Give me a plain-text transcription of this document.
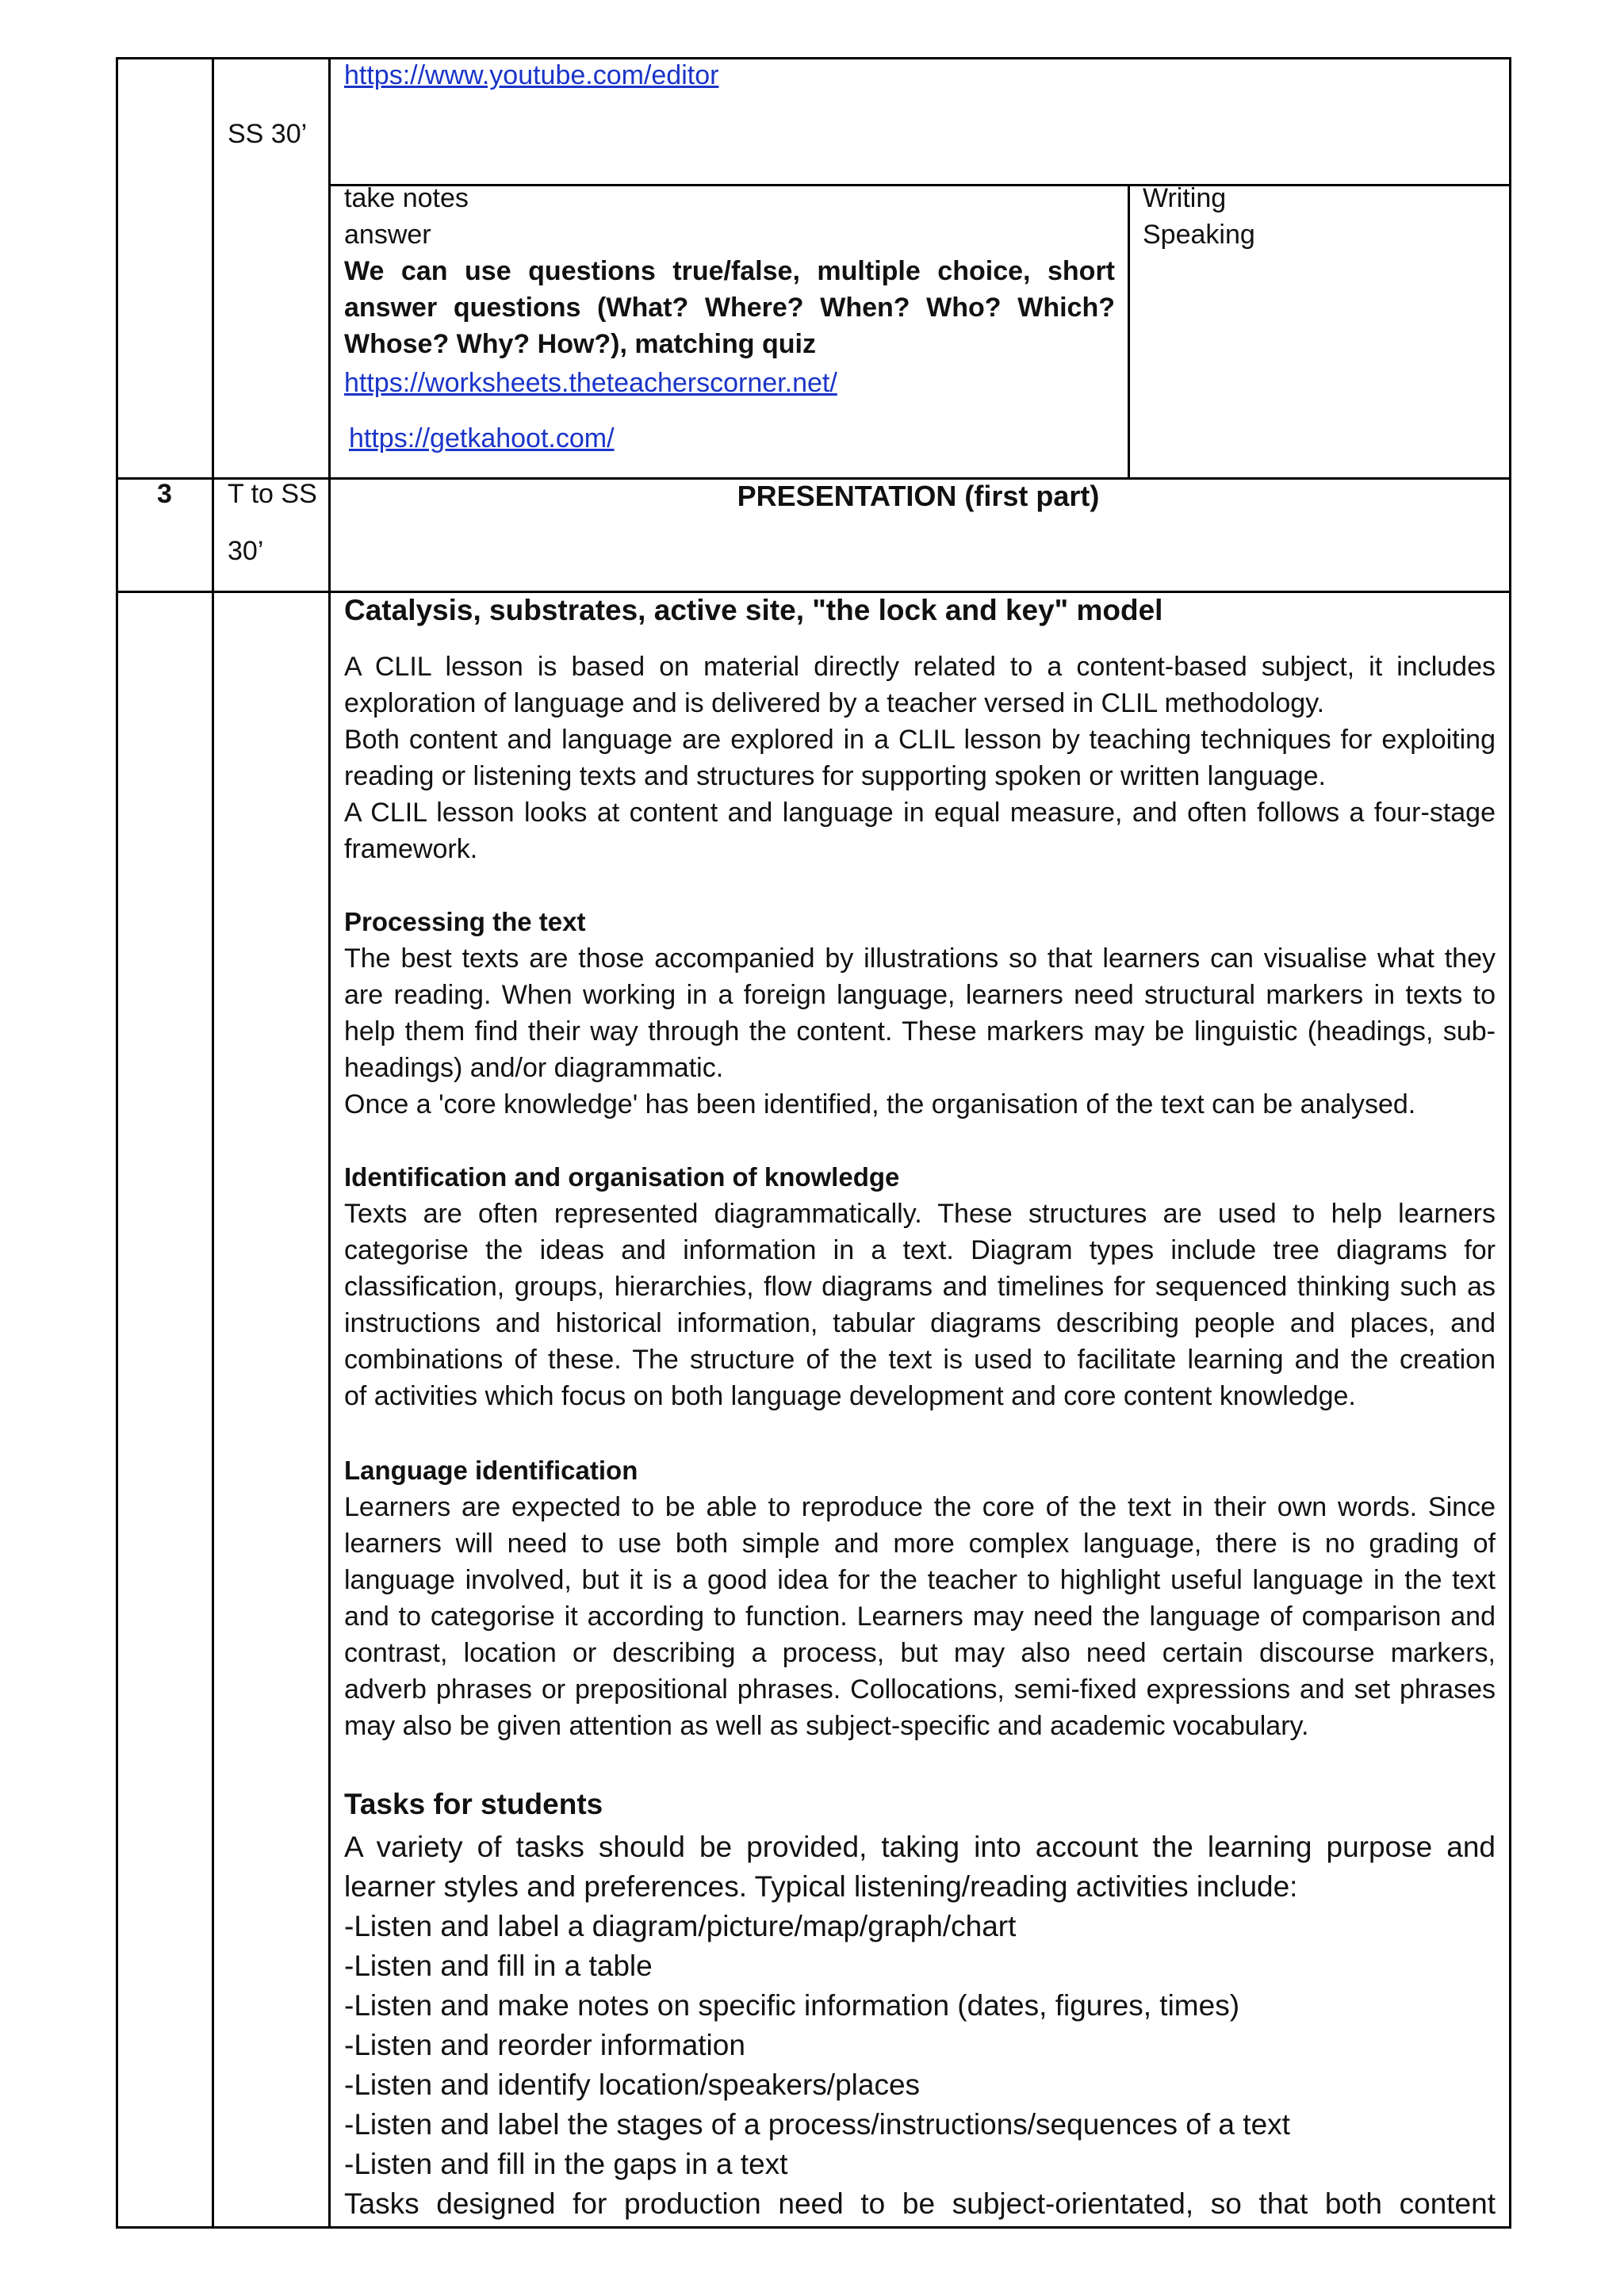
https://www.youtube.com/editor
SS 30’
take notes
answer

We can use questions true/false, multiple choice, short

answer questions (What? Where? When? Who? Which?

Whose? Why? How?), matching quiz

https://worksheets.theteacherscorner.net/
https://getkahoot.com/
Writing
Speaking
3 T to SS
30’
PRESENTATION (first part)
Catalysis, substrates, active site, "the lock and key" model

A CLIL lesson is based on material directly related to a content-based subject, it includes

exploration of language and is delivered by a teacher versed in CLIL methodology.

Both content and language are explored in a CLIL lesson by teaching techniques for exploiting

reading or listening texts and structures for supporting spoken or written language.

A CLIL lesson looks at content and language in equal measure, and often follows a four-stage

framework.

Processing the text

The best texts are those accompanied by illustrations so that learners can visualise what they

are reading. When working in a foreign language, learners need structural markers in texts to

help them find their way through the content. These markers may be linguistic (headings, sub-

headings) and/or diagrammatic.

Once a 'core knowledge' has been identified, the organisation of the text can be analysed.

Identification and organisation of knowledge

Texts are often represented diagrammatically. These structures are used to help learners

categorise the ideas and information in a text. Diagram types include tree diagrams for

classification, groups, hierarchies, flow diagrams and timelines for sequenced thinking such as

instructions and historical information, tabular diagrams describing people and places, and

combinations of these. The structure of the text is used to facilitate learning and the creation

of activities which focus on both language development and core content knowledge.

Language identification

Learners are expected to be able to reproduce the core of the text in their own words. Since

learners will need to use both simple and more complex language, there is no grading of

language involved, but it is a good idea for the teacher to highlight useful language in the text

and to categorise it according to function. Learners may need the language of comparison and

contrast, location or describing a process, but may also need certain discourse markers,

adverb phrases or prepositional phrases. Collocations, semi-fixed expressions and set phrases

may also be given attention as well as subject-specific and academic vocabulary.

Tasks for students

A variety of tasks should be provided, taking into account the learning purpose and

learner styles and preferences. Typical listening/reading activities include:

-Listen and label a diagram/picture/map/graph/chart
-Listen and fill in a table
-Listen and make notes on specific information (dates, figures, times)
-Listen and reorder information
-Listen and identify location/speakers/places
-Listen and label the stages of a process/instructions/sequences of a text
-Listen and fill in the gaps in a text

Tasks designed for production need to be subject-orientated, so that both content
